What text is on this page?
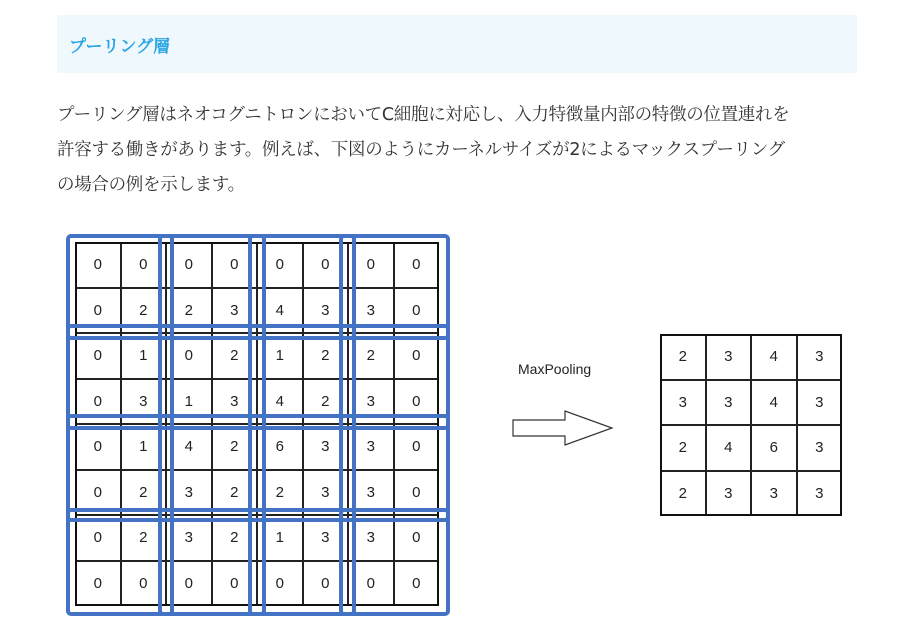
プーリング層
プーリング層はネオコグニトロンにおいてC細胞に対応し、入力特徴量内部の特徴の位置連れを
許容する働きがあります。例えば、下図のようにカーネルサイズが2によるマックスプーリング
の場合の例を示します。
0	0	0	0	0	0	0	0
0	2	2	3	4	3	3	0
0	1	0	2	1	2	2	0
0	3	1	3	4	2	3	0
0	1	4	2	6	3	3	0
0	2	3	2	2	3	3	0
0	2	3	2	1	3	3	0
0	0	0	0	0	0	0	0
MaxPooling
2	3	4	3
3	3	4	3
2	4	6	3
2	3	3	3
